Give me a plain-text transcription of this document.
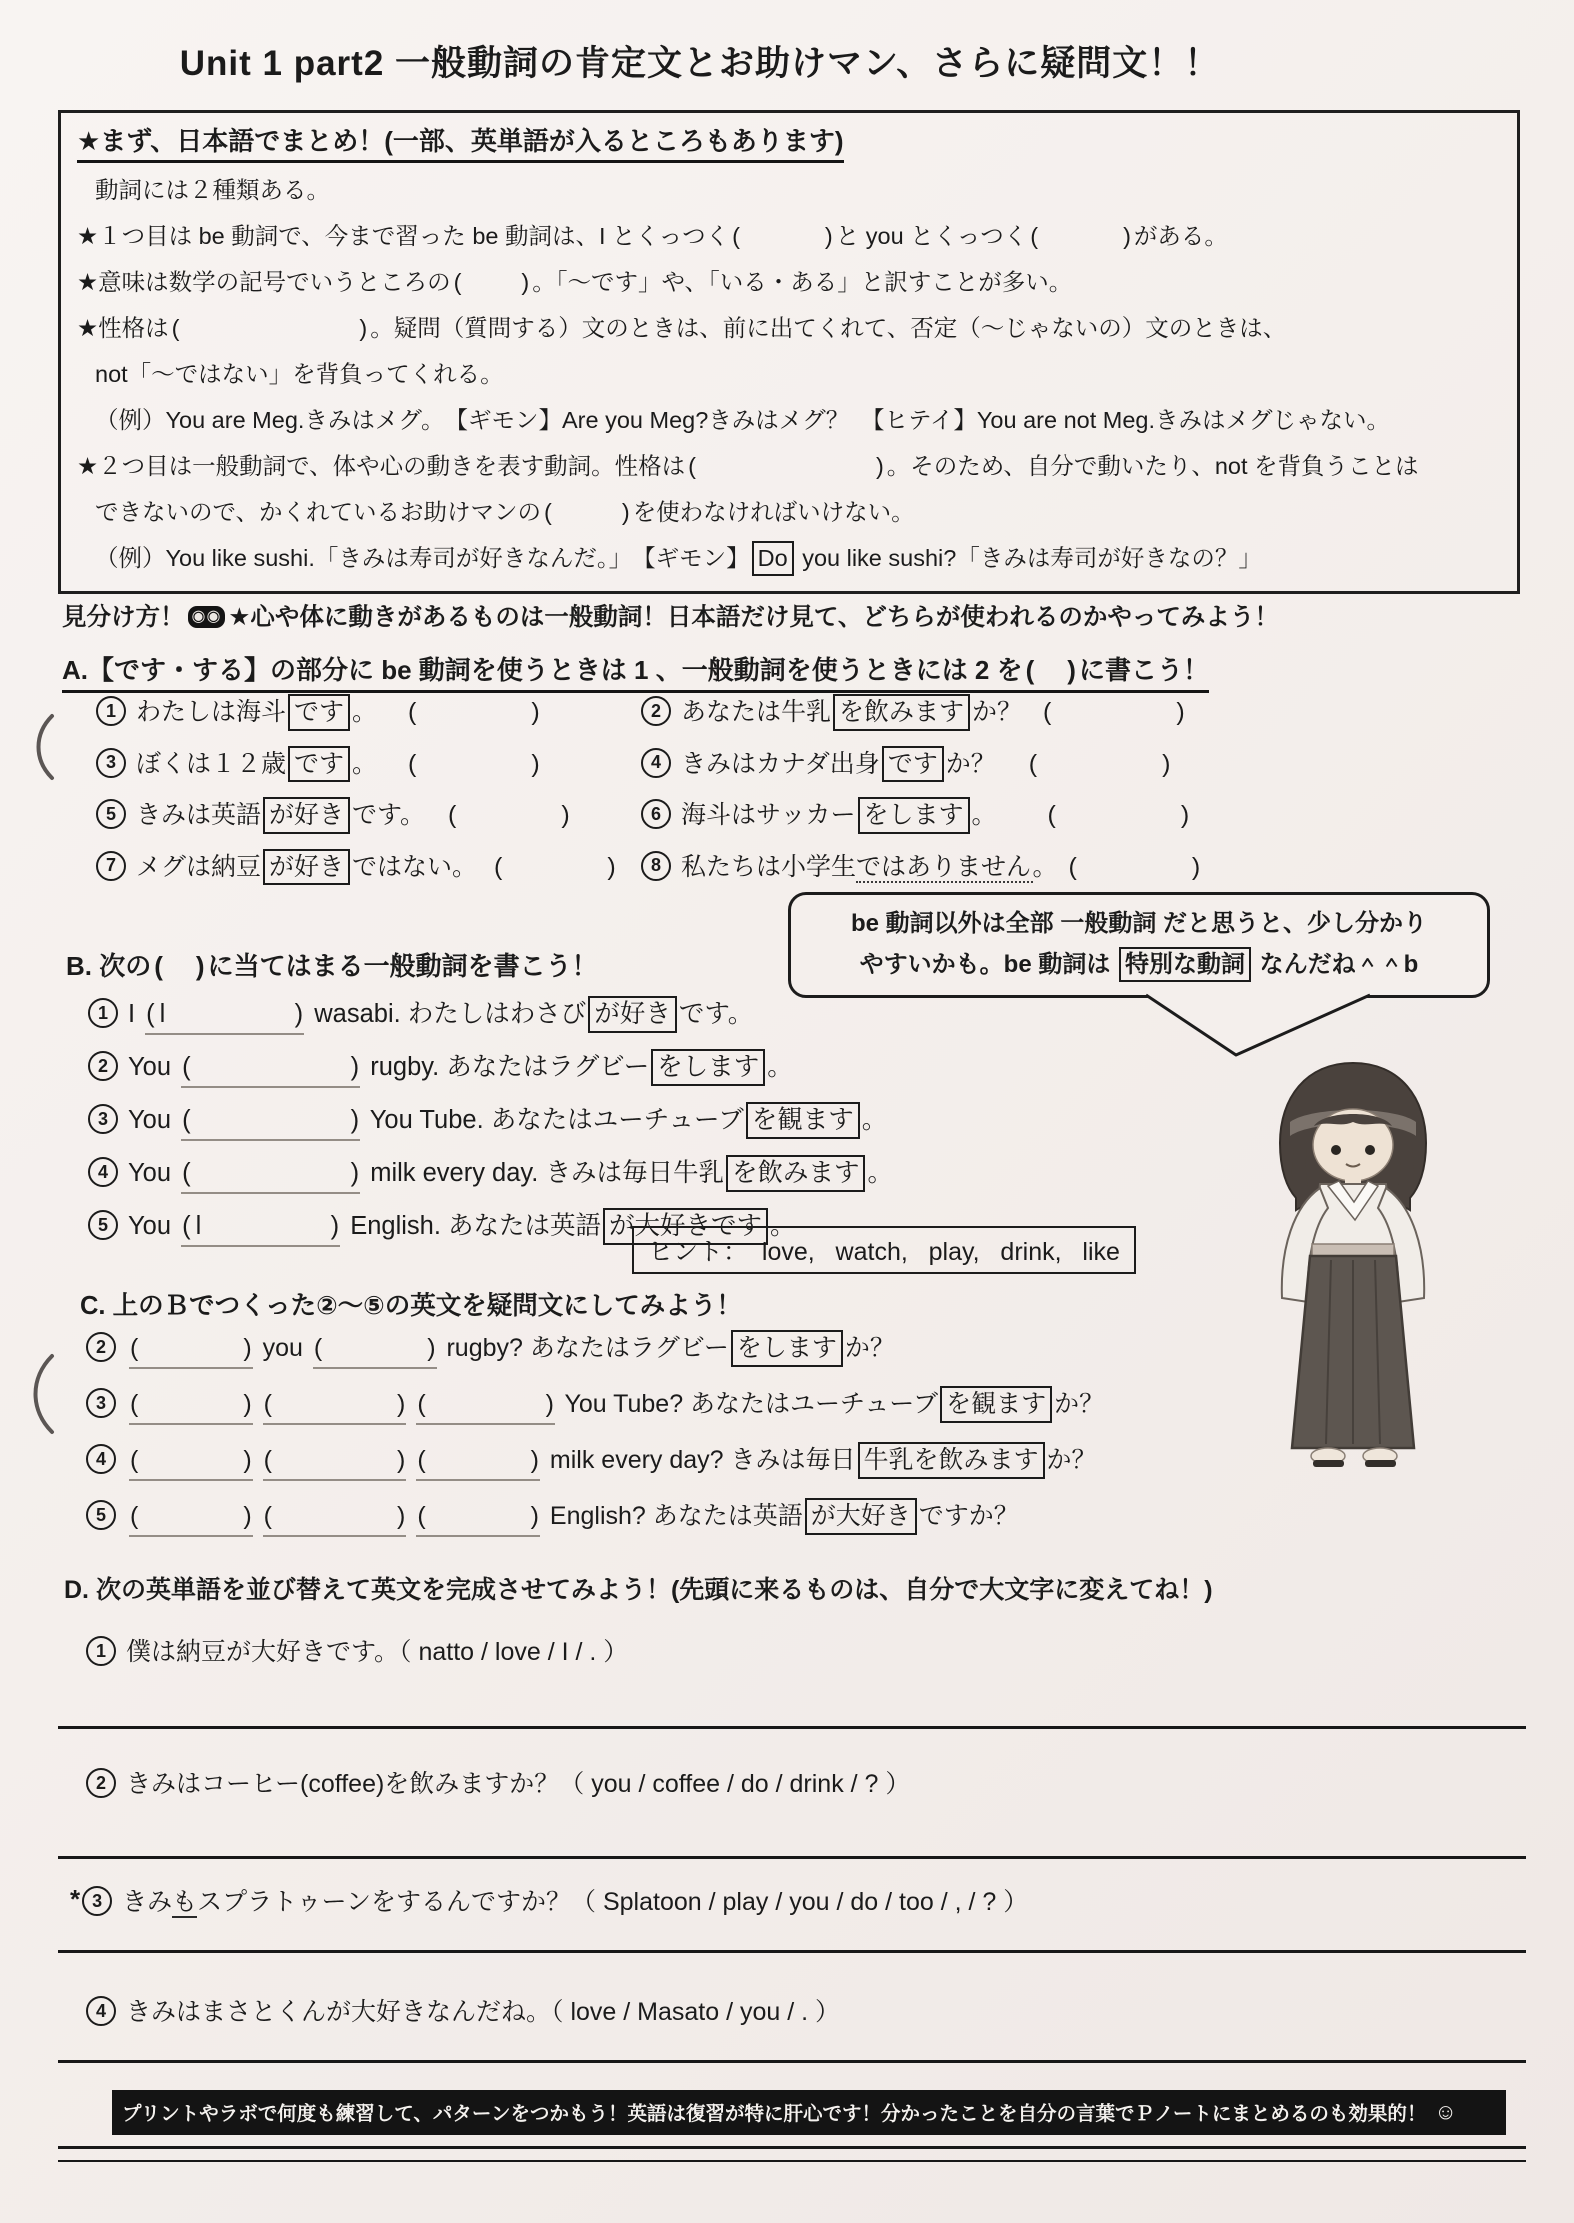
Unit 1 part2 一般動詞の肯定文とお助けマン、さらに疑問文！！
★まず、日本語でまとめ！(一部、英単語が入るところもあります)
動詞には２種類ある。
★１つ目は be 動詞で、今まで習った be 動詞は、I とくっつく (	) と you とくっつく (	) がある。
★意味は数学の記号でいうところの (	) 。「〜です」や、「いる・ある」と訳すことが多い。
★性格は (	) 。疑問（質問する）文のときは、前に出てくれて、否定（〜じゃないの）文のときは、
not「〜ではない」を背負ってくれる。
（例）You are Meg.きみはメグ。　【ギモン】Are you Meg?きみはメグ？　【ヒテイ】You are not Meg.きみはメグじゃない。
★２つ目は一般動詞で、体や心の動きを表す動詞。性格は (	) 。そのため、自分で動いたり、not を背負うことは
できないので、かくれているお助けマンの (	) を使わなければいけない。
（例）You like sushi.「きみは寿司が好きなんだ。」　【ギモン】 Do you like sushi?「きみは寿司が好きなの？」
見分け方！ ◉◉ ★心や体に動きがあるものは一般動詞！日本語だけ見て、どちらが使われるのかやってみよう！
A.【です・する】の部分に be 動詞を使うときは 1 、一般動詞を使うときには 2 を ( ) に書こう！
1 わたしは海斗 です 。 (	)	2 あなたは牛乳 を飲みます か？ (	)
3 ぼくは１２歳 です 。 (	)	4 きみはカナダ出身 です か？ (	)
5 きみは英語 が好き です。 (	)	6 海斗はサッカー をします 。 (	)
7 メグは納豆 が好き ではない。 (	)	8 私たちは小学生ではありません。 (	)
be 動詞以外は全部 一般動詞 だと思うと、少し分かり
やすいかも。be 動詞は 特別な動詞 なんだね＾＾b
B. 次の ( ) に当てはまる一般動詞を書こう！
1 I ( l	) wasabi. わたしはわさび が好き です。
2 You (	) rugby. あなたはラグビー をします 。
3 You (	) You Tube. あなたはユーチューブ を観ます 。
4 You (	) milk every day. きみは毎日牛乳 を飲みます 。
5 You ( l	) English. あなたは英語 が大好きです 。
ヒント：  love,   watch,   play,   drink,   like
C. 上のＢでつくった②〜⑤の英文を疑問文にしてみよう！
2 (	) you (	) rugby? あなたはラグビー をします か？
3 (	) (	) (	) You Tube? あなたはユーチューブ を観ます か？
4 (	) (	) (	) milk every day? きみは毎日 牛乳を飲みます か？
5 (	) (	) (	) English? あなたは英語 が大好き ですか？
D. 次の英単語を並び替えて英文を完成させてみよう！(先頭に来るものは、自分で大文字に変えてね！)
1 僕は納豆が大好きです。（ natto / love / I / . ）
2 きみはコーヒー(coffee)を飲みますか？（ you / coffee / do / drink / ? ）
* 3 きみもスプラトゥーンをするんですか？（ Splatoon / play / you / do / too / , / ? ）
4 きみはまさとくんが大好きなんだね。（ love / Masato / you / . ）
プリントやラボで何度も練習して、パターンをつかもう！英語は復習が特に肝心です！分かったことを自分の言葉でＰノートにまとめるのも効果的！ ☺
